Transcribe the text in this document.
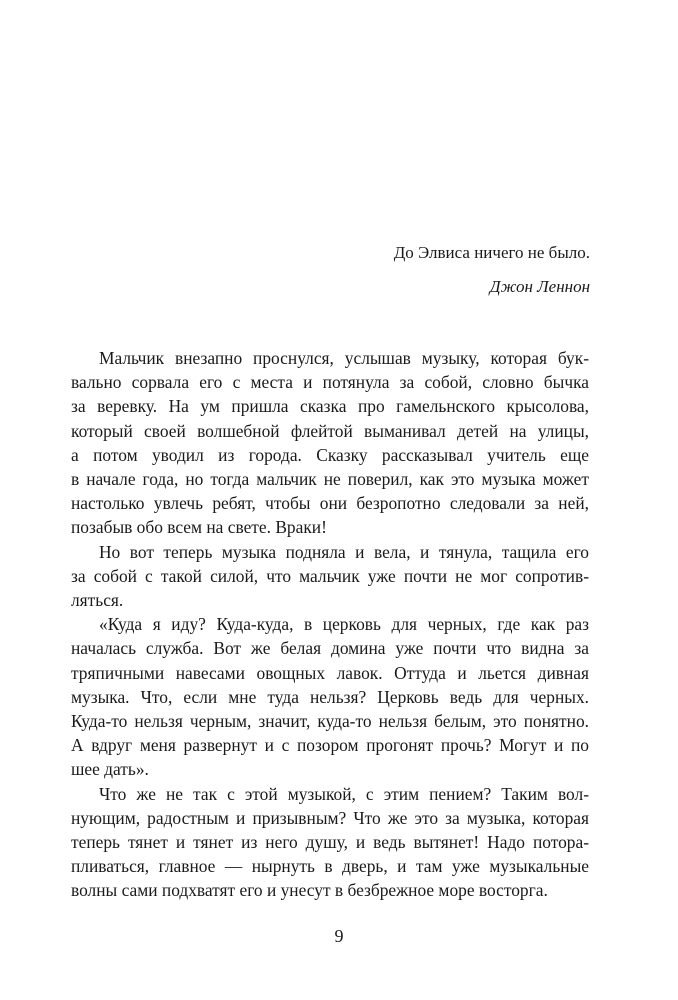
До Элвиса ничего не было.
Джон Леннон
Мальчик внезапно проснулся, услышав музыку, которая бук-
вально сорвала его с места и потянула за собой, словно бычка
за веревку. На ум пришла сказка про гамельнского крысолова,
который своей волшебной флейтой выманивал детей на улицы,
а потом уводил из города. Сказку рассказывал учитель еще
в начале года, но тогда мальчик не поверил, как это музыка может
настолько увлечь ребят, чтобы они безропотно следовали за ней,
позабыв обо всем на свете. Враки!
Но вот теперь музыка подняла и вела, и тянула, тащила его
за собой с такой силой, что мальчик уже почти не мог сопротив-
ляться.
«Куда я иду? Куда-куда, в церковь для черных, где как раз
началась служба. Вот же белая домина уже почти что видна за
тряпичными навесами овощных лавок. Оттуда и льется дивная
музыка. Что, если мне туда нельзя? Церковь ведь для черных.
Куда-то нельзя черным, значит, куда-то нельзя белым, это понятно.
А вдруг меня развернут и с позором прогонят прочь? Могут и по
шее дать».
Что же не так с этой музыкой, с этим пением? Таким вол-
нующим, радостным и призывным? Что же это за музыка, которая
теперь тянет и тянет из него душу, и ведь вытянет! Надо потора-
пливаться, главное — нырнуть в дверь, и там уже музыкальные
волны сами подхватят его и унесут в безбрежное море восторга.
9
